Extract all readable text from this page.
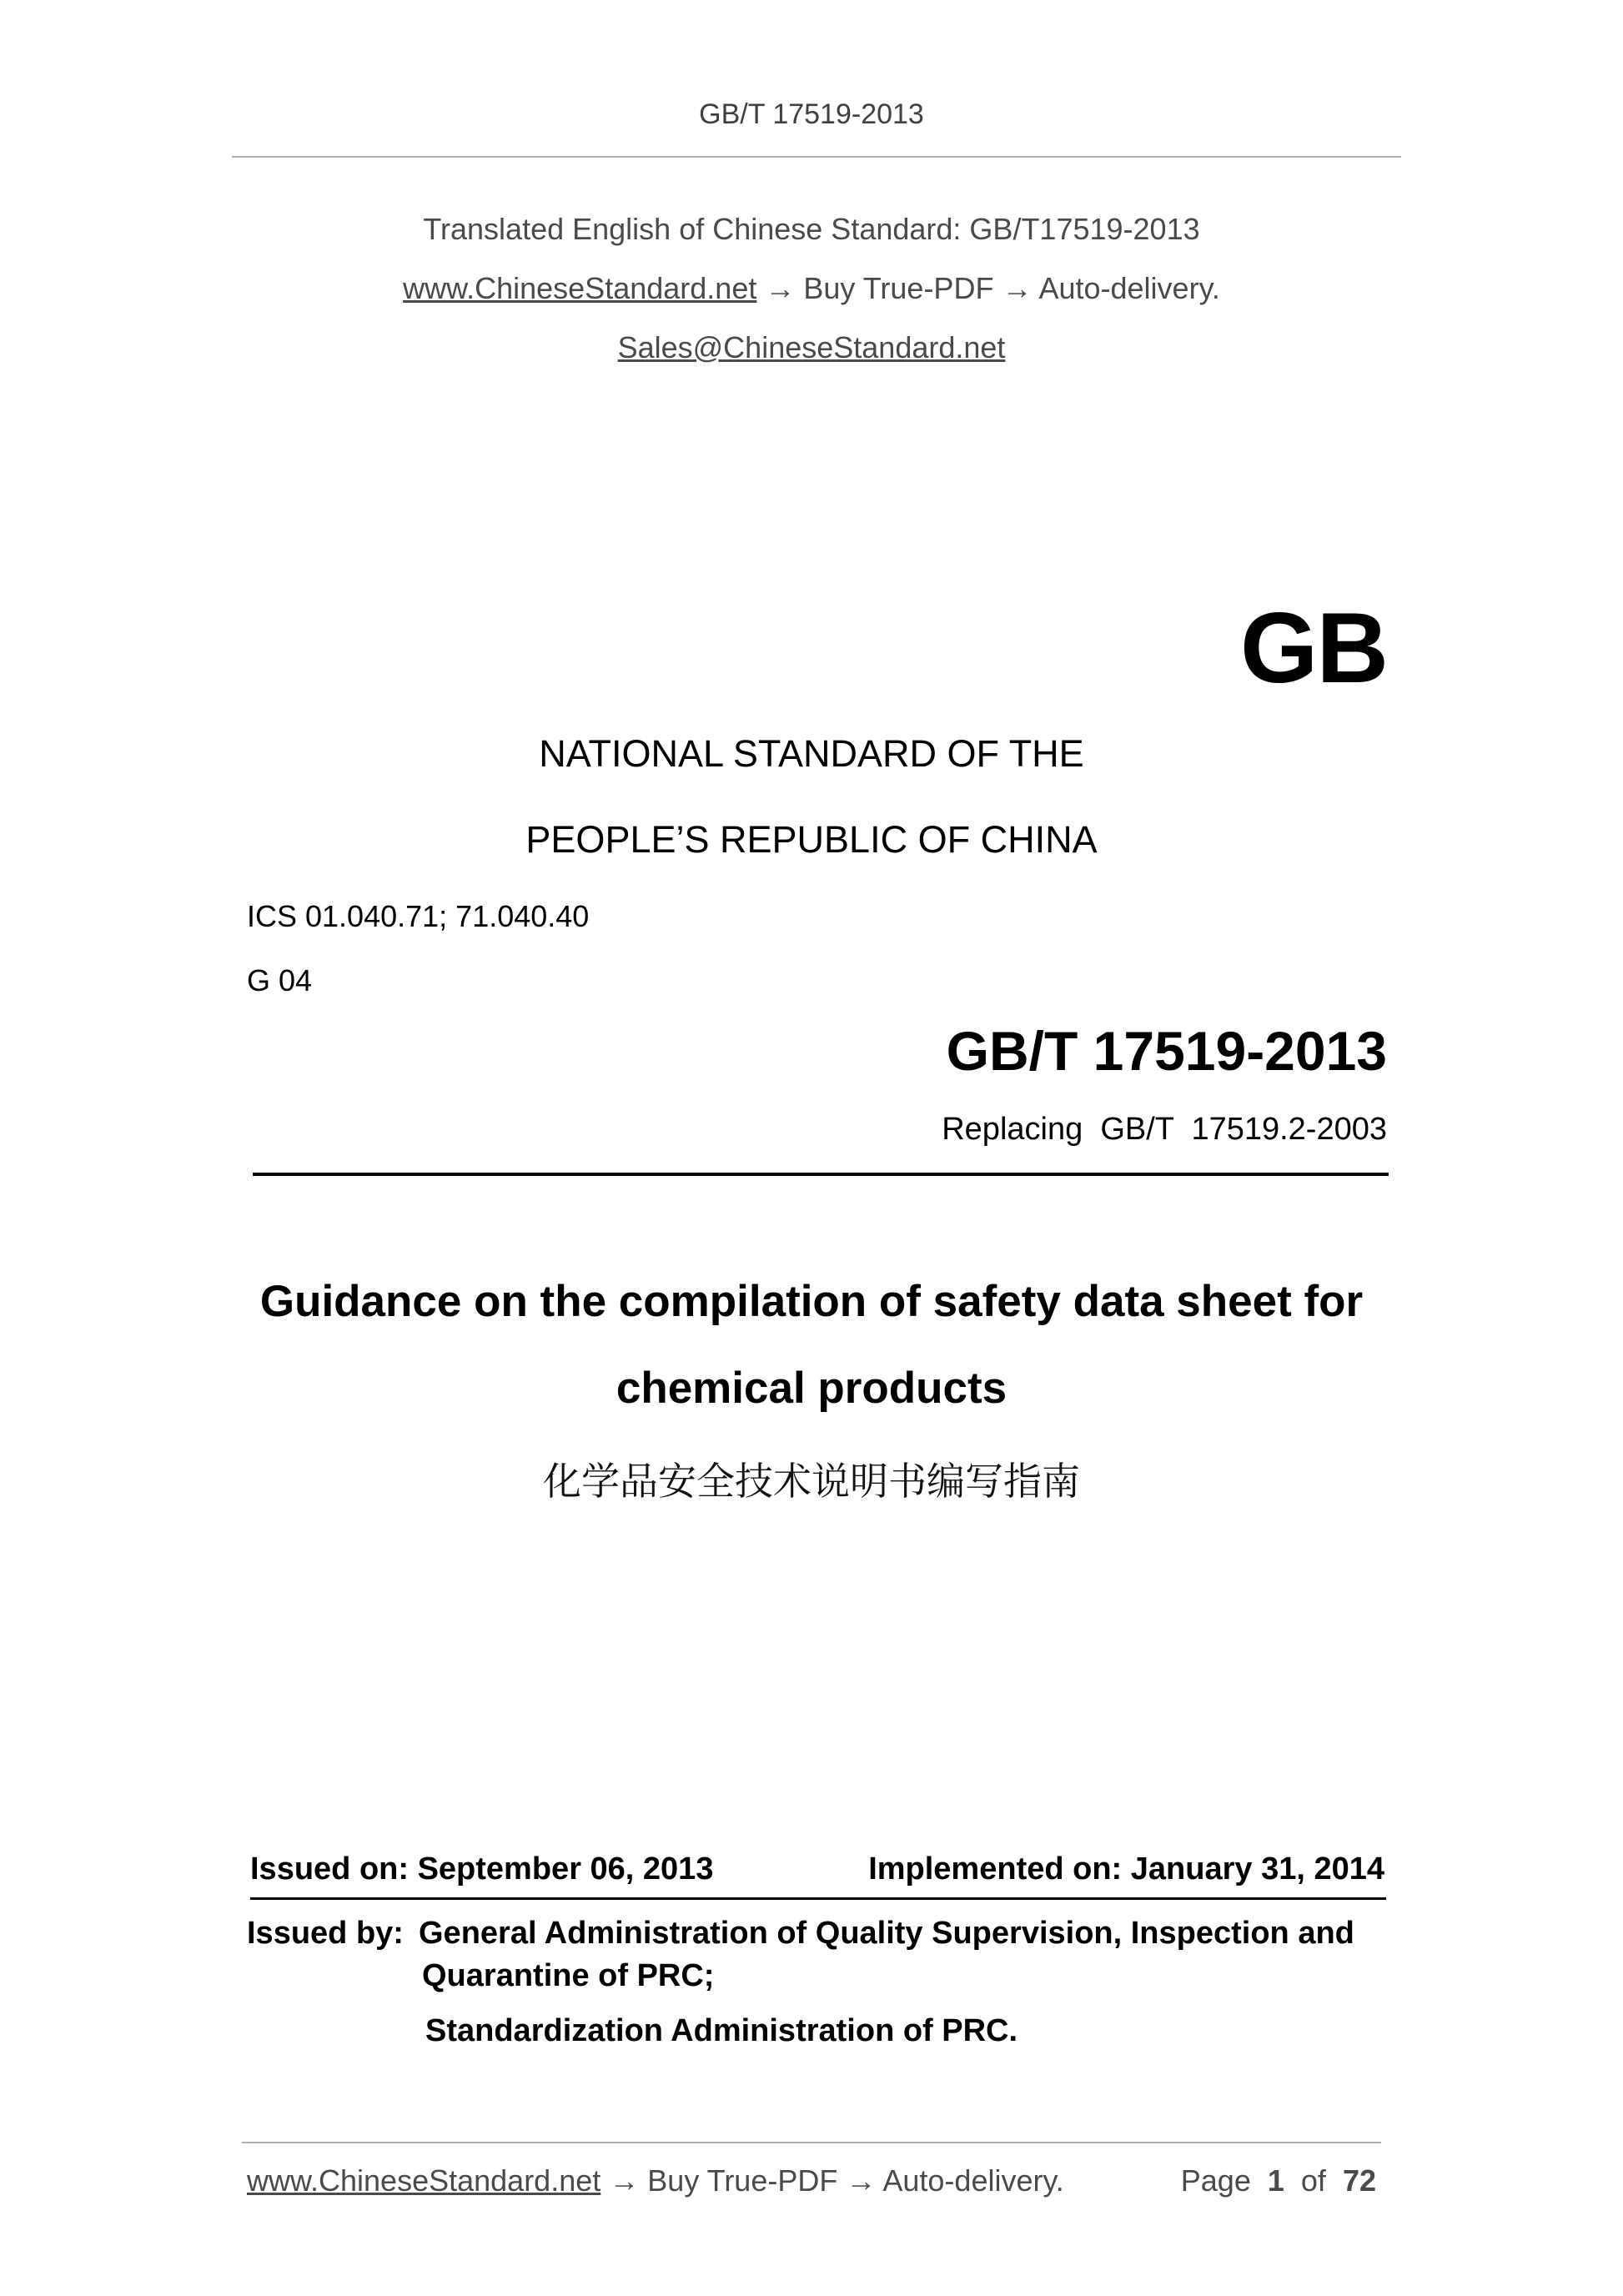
GB/T 17519-2013
Translated English of Chinese Standard: GB/T17519-2013
www.ChineseStandard.net → Buy True-PDF → Auto-delivery.
Sales@ChineseStandard.net
GB
NATIONAL STANDARD OF THE
PEOPLE’S REPUBLIC OF CHINA
ICS 01.040.71; 71.040.40
G 04
GB/T 17519-2013
Replacing  GB/T  17519.2-2003
Guidance on the compilation of safety data sheet for
chemical products
化学品安全技术说明书编写指南
Issued on: September 06, 2013	Implemented on: January 31, 2014
Issued by: General Administration of Quality Supervision, Inspection and
Quarantine of PRC;
Standardization Administration of PRC.
www.ChineseStandard.net → Buy True-PDF → Auto-delivery.	Page 1 of 72
